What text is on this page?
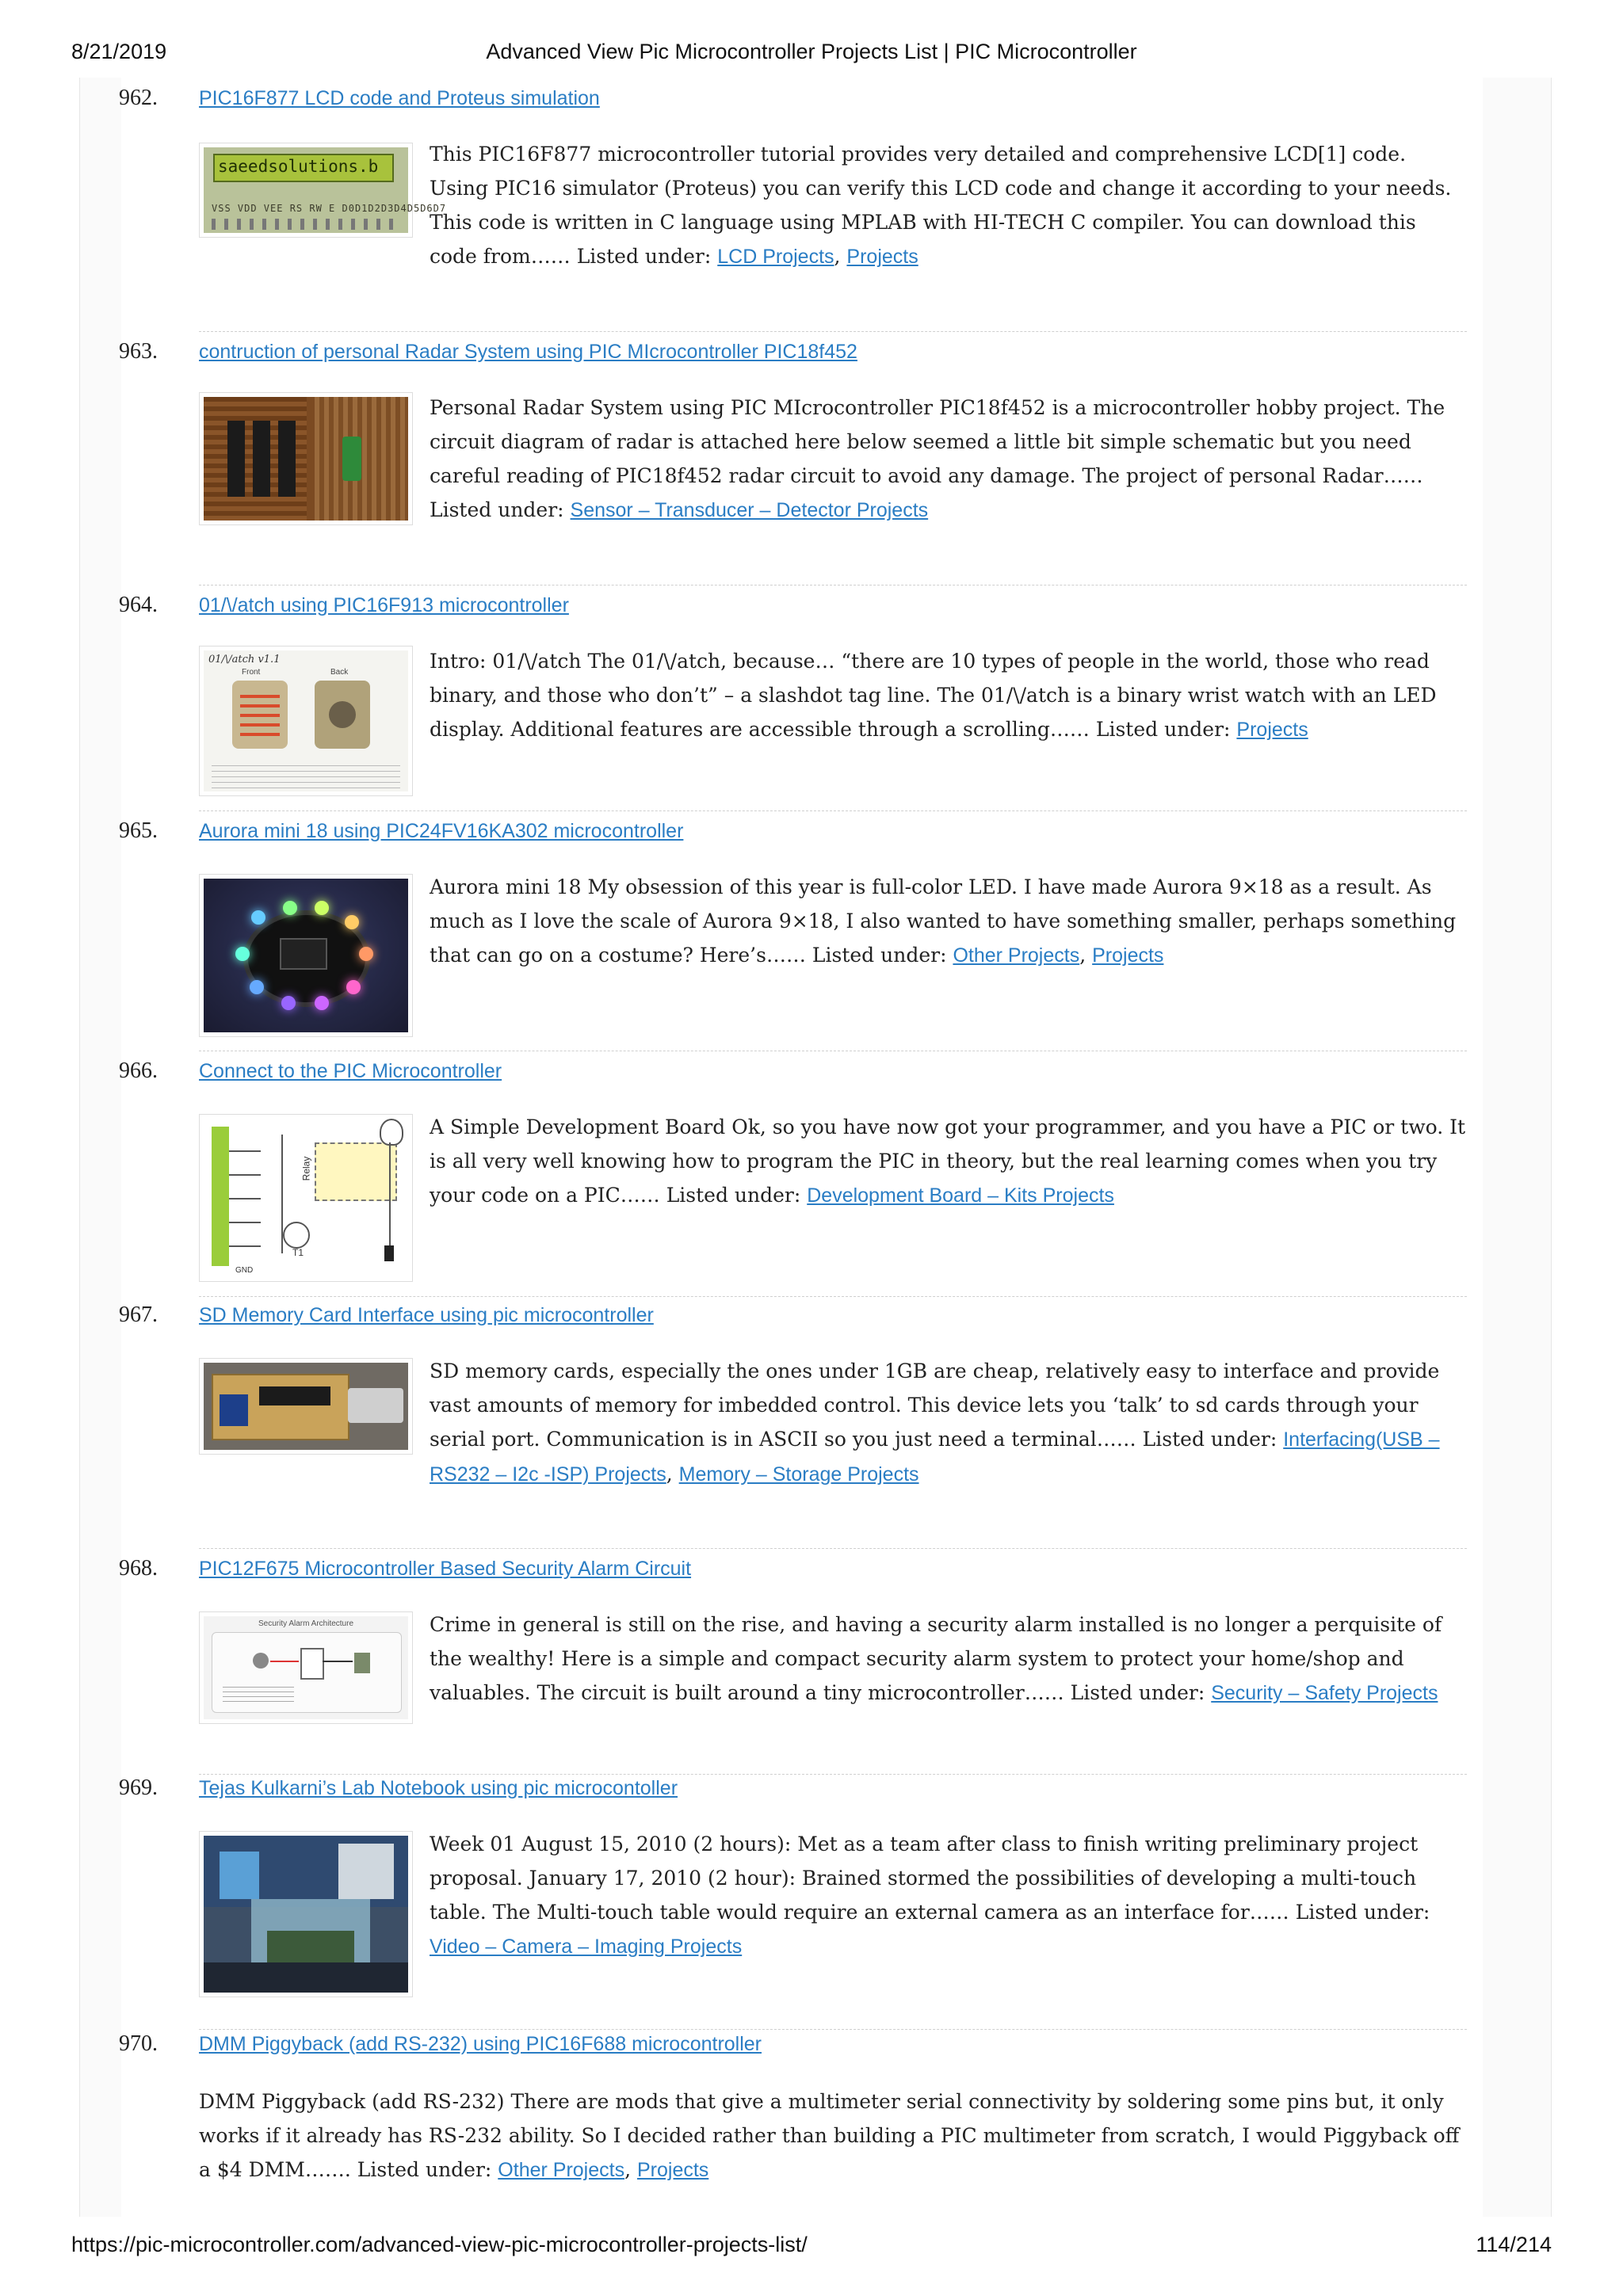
8/21/2019	Advanced View Pic Microcontroller Projects List | PIC Microcontroller
962. PIC16F877 LCD code and Proteus simulation
saeedsolutions.b
VSS VDD VEE RS RW E D0D1D2D3D4D5D6D7
This PIC16F877 microcontroller tutorial provides very detailed and comprehensive LCD[1] code. Using PIC16 simulator (Proteus) you can verify this LCD code and change it according to your needs. This code is written in C language using MPLAB with HI-TECH C compiler. You can download this code from…… Listed under: LCD Projects, Projects
963. contruction of personal Radar System using PIC MIcrocontroller PIC18f452
Personal Radar System using PIC MIcrocontroller PIC18f452 is a microcontroller hobby project. The circuit diagram of radar is attached here below seemed a little bit simple schematic but you need careful reading of PIC18f452 radar circuit to avoid any damage. The project of personal Radar…… Listed under: Sensor – Transducer – Detector Projects
964. 01/\/atch using PIC16F913 microcontroller
01/\/atch v1.1
Front	Back	Intro: 01/\/atch The 01/\/atch, because… “there are 10 types of people in the world, those who read binary, and those who don’t” – a slashdot tag line. The 01/\/atch is a binary wrist watch with an LED display. Additional features are accessible through a scrolling…… Listed under: Projects
965. Aurora mini 18 using PIC24FV16KA302 microcontroller
Aurora mini 18 My obsession of this year is full-color LED. I have made Aurora 9×18 as a result. As much as I love the scale of Aurora 9×18, I also wanted to have something smaller, perhaps something that can go on a costume? Here’s…… Listed under: Other Projects, Projects
966. Connect to the PIC Microcontroller
Relay
T1
GND
A Simple Development Board Ok, so you have now got your programmer, and you have a PIC or two. It is all very well knowing how to program the PIC in theory, but the real learning comes when you try your code on a PIC…… Listed under: Development Board – Kits Projects
967. SD Memory Card Interface using pic microcontroller
SD memory cards, especially the ones under 1GB are cheap, relatively easy to interface and provide vast amounts of memory for imbedded control. This device lets you ‘talk’ to sd cards through your serial port. Communication is in ASCII so you just need a terminal…… Listed under: Interfacing(USB – RS232 – I2c -ISP) Projects, Memory – Storage Projects
968. PIC12F675 Microcontroller Based Security Alarm Circuit
Security Alarm Architecture	Crime in general is still on the rise, and having a security alarm installed is no longer a perquisite of the wealthy! Here is a simple and compact security alarm system to protect your home/shop and valuables. The circuit is built around a tiny microcontroller…… Listed under: Security – Safety Projects
969. Tejas Kulkarni’s Lab Notebook using pic microcontoller
Week 01 August 15, 2010 (2 hours): Met as a team after class to finish writing preliminary project proposal. January 17, 2010 (2 hour): Brained stormed the possibilities of developing a multi-touch table. The Multi-touch table would require an external camera as an interface for…… Listed under: Video – Camera – Imaging Projects
970. DMM Piggyback (add RS-232) using PIC16F688 microcontroller
DMM Piggyback (add RS-232) There are mods that give a multimeter serial connectivity by soldering some pins but, it only works if it already has RS-232 ability. So I decided rather than building a PIC multimeter from scratch, I would Piggyback off a $4 DMM……. Listed under: Other Projects, Projects
https://pic-microcontroller.com/advanced-view-pic-microcontroller-projects-list/	114/214
